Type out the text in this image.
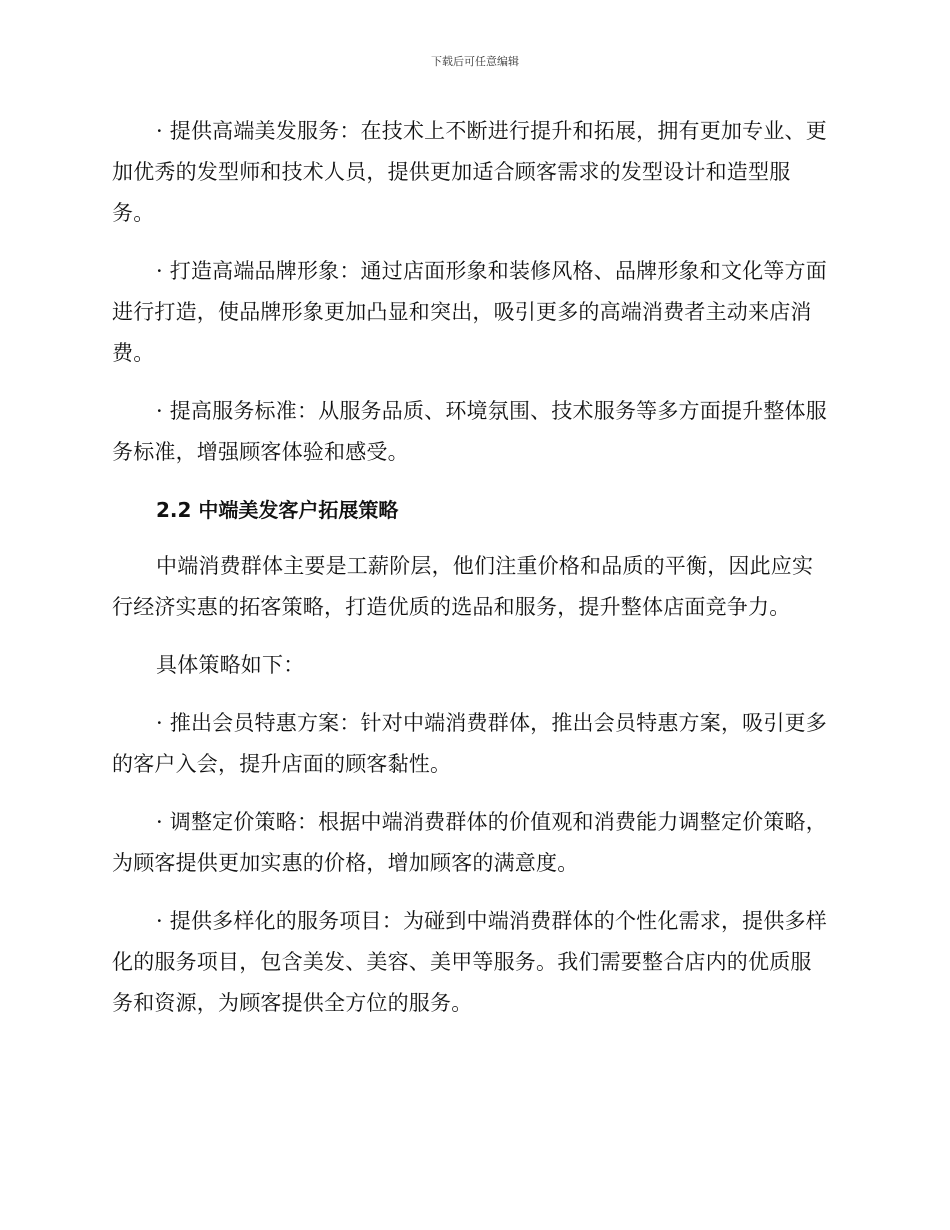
下载后可任意编辑

· 提供高端美发服务：在技术上不断进行提升和拓展，拥有更加专业、更加优秀的发型师和技术人员，提供更加适合顾客需求的发型设计和造型服务。

· 打造高端品牌形象：通过店面形象和装修风格、品牌形象和文化等方面进行打造，使品牌形象更加凸显和突出，吸引更多的高端消费者主动来店消费。

· 提高服务标准：从服务品质、环境氛围、技术服务等多方面提升整体服务标准，增强顾客体验和感受。

2.2 中端美发客户拓展策略

中端消费群体主要是工薪阶层，他们注重价格和品质的平衡，因此应实行经济实惠的拓客策略，打造优质的选品和服务，提升整体店面竞争力。

具体策略如下：

· 推出会员特惠方案：针对中端消费群体，推出会员特惠方案，吸引更多的客户入会，提升店面的顾客黏性。

· 调整定价策略：根据中端消费群体的价值观和消费能力调整定价策略，为顾客提供更加实惠的价格，增加顾客的满意度。

· 提供多样化的服务项目：为碰到中端消费群体的个性化需求，提供多样化的服务项目，包含美发、美容、美甲等服务。我们需要整合店内的优质服务和资源，为顾客提供全方位的服务。
